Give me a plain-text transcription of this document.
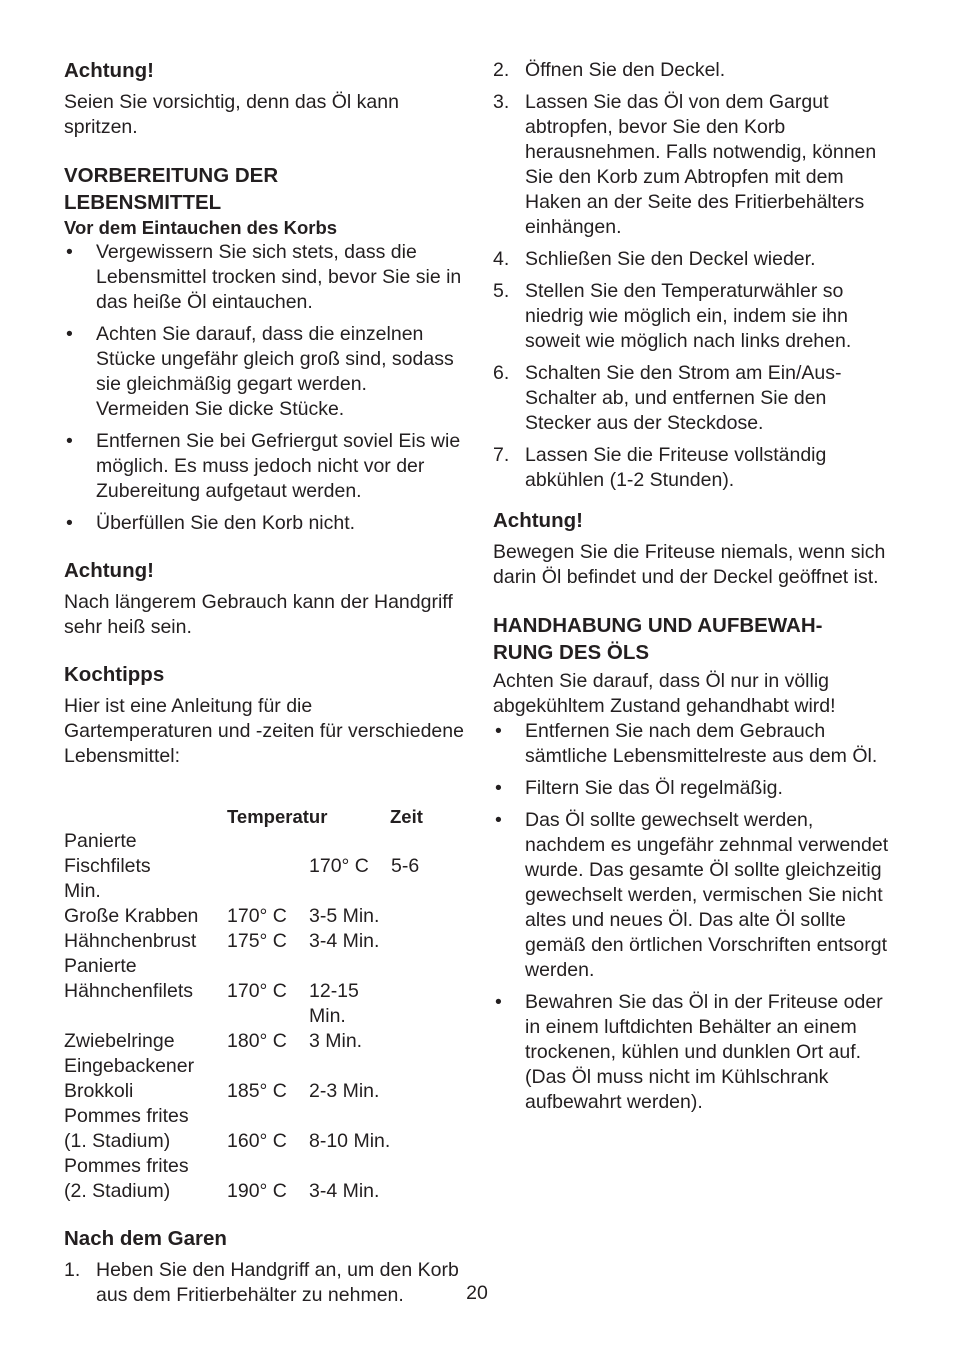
Achtung!

Seien Sie vorsichtig, denn das Öl kann spritzen.

VORBEREITUNG DER
LEBENSMITTEL
Vor dem Eintauchen des Korbs
• Vergewissern Sie sich stets, dass die Lebensmittel trocken sind, bevor Sie sie in das heiße Öl eintauchen.
• Achten Sie darauf, dass die einzelnen Stücke ungefähr gleich groß sind, sodass sie gleichmäßig gegart werden. Vermeiden Sie dicke Stücke.
• Entfernen Sie bei Gefriergut soviel Eis wie möglich. Es muss jedoch nicht vor der Zubereitung aufgetaut werden.
• Überfüllen Sie den Korb nicht.
Achtung!

Nach längerem Gebrauch kann der Handgriff sehr heiß sein.

Kochtipps

Hier ist eine Anleitung für die Gartemperaturen und -zeiten für verschiedene Lebensmittel:

Temperatur	Zeit
Panierte
Fischfilets	170° C	5-6
Min.
Große Krabben	170° C	3-5 Min.
Hähnchenbrust	175° C	3-4 Min.
Panierte
Hähnchenfilets	170° C	12-15 Min.
Zwiebelringe	180° C	3 Min.
Eingebackener
Brokkoli	185° C	2-3 Min.
Pommes frites
(1. Stadium)	160° C	8-10 Min.
Pommes frites
(2. Stadium)	190° C	3-4 Min.
Nach dem Garen
1. Heben Sie den Handgriff an, um den Korb aus dem Fritierbehälter zu nehmen.
2. Öffnen Sie den Deckel.
3. Lassen Sie das Öl von dem Gargut abtropfen, bevor Sie den Korb herausnehmen. Falls notwendig, können Sie den Korb zum Abtropfen mit dem Haken an der Seite des Fritierbehälters einhängen.
4. Schließen Sie den Deckel wieder.
5. Stellen Sie den Temperaturwähler so niedrig wie möglich ein, indem sie ihn soweit wie möglich nach links drehen.
6. Schalten Sie den Strom am Ein/Aus-Schalter ab, und entfernen Sie den Stecker aus der Steckdose.
7. Lassen Sie die Friteuse vollständig abkühlen (1-2 Stunden).
Achtung!

Bewegen Sie die Friteuse niemals, wenn sich darin Öl befindet und der Deckel geöffnet ist.

HANDHABUNG UND AUFBEWAH-
RUNG DES ÖLS

Achten Sie darauf, dass Öl nur in völlig abgekühltem Zustand gehandhabt wird!

• Entfernen Sie nach dem Gebrauch sämtliche Lebensmittelreste aus dem Öl.
• Filtern Sie das Öl regelmäßig.
• Das Öl sollte gewechselt werden, nachdem es ungefähr zehnmal verwendet wurde. Das gesamte Öl sollte gleichzeitig gewechselt werden, vermischen Sie nicht altes und neues Öl. Das alte Öl sollte gemäß den örtlichen Vorschriften entsorgt werden.
• Bewahren Sie das Öl in der Friteuse oder in einem luftdichten Behälter an einem trockenen, kühlen und dunklen Ort auf. (Das Öl muss nicht im Kühlschrank aufbewahrt werden).
20
